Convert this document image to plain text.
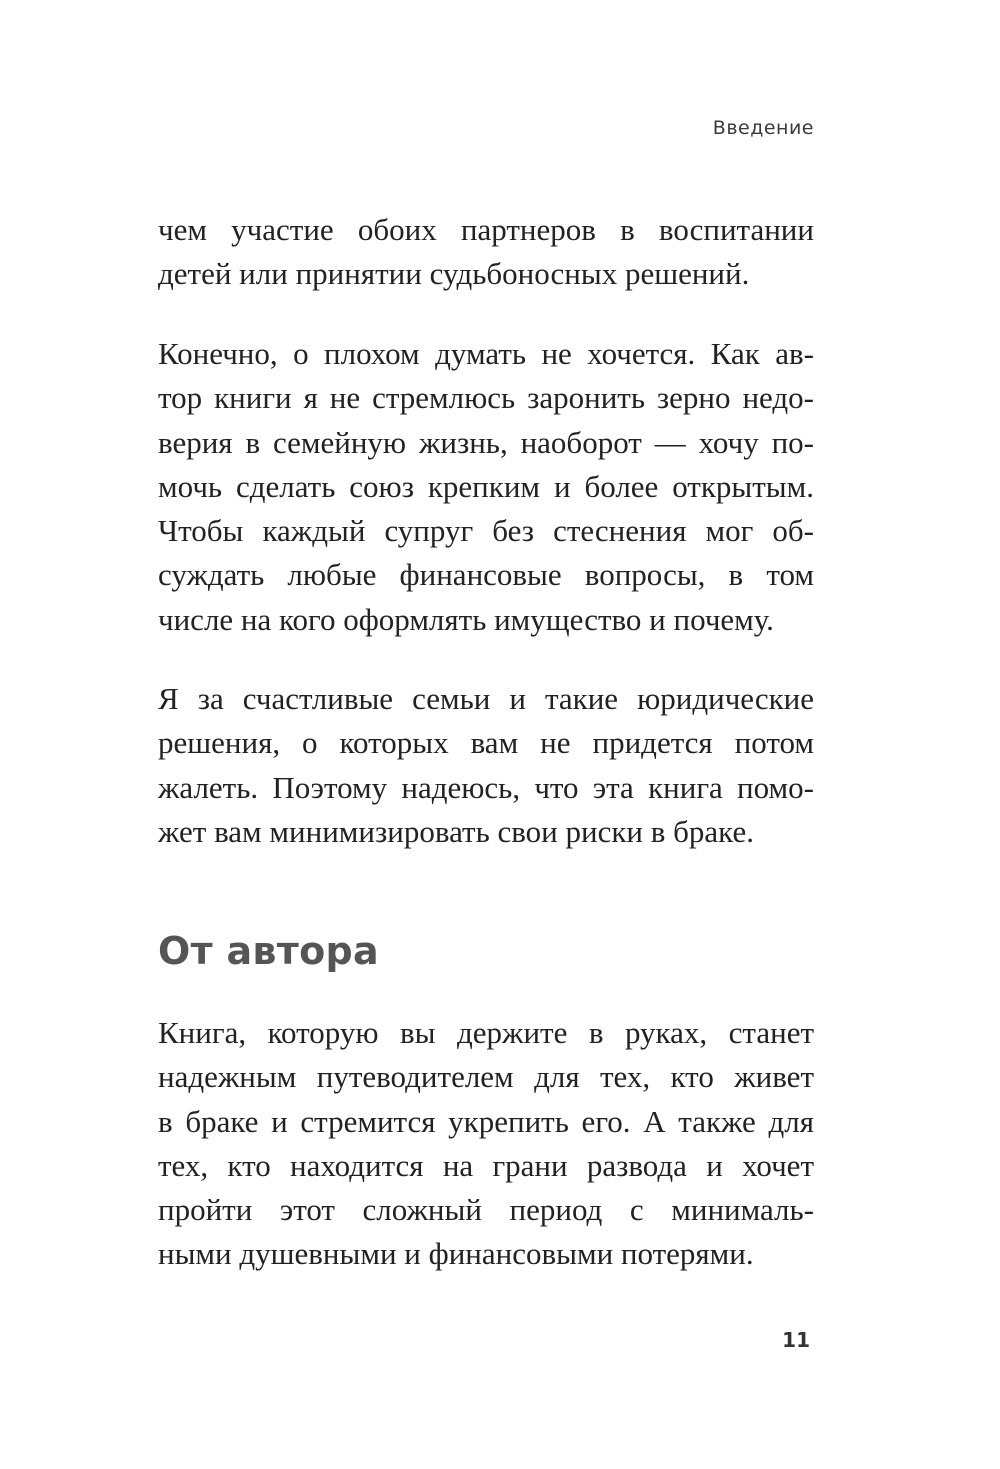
Введение
чем участие обоих партнеров в воспитании
детей или принятии судьбоносных решений.
Конечно, о плохом думать не хочется. Как ав-
тор книги я не стремлюсь заронить зерно недо-
верия в семейную жизнь, наоборот — хочу по-
мочь сделать союз крепким и более открытым.
Чтобы каждый супруг без стеснения мог об-
суждать любые финансовые вопросы, в том
числе на кого оформлять имущество и почему.
Я за счастливые семьи и такие юридические
решения, о которых вам не придется потом
жалеть. Поэтому надеюсь, что эта книга помо-
жет вам минимизировать свои риски в браке.
От автора
Книга, которую вы держите в руках, станет
надежным путеводителем для тех, кто живет
в браке и стремится укрепить его. А также для
тех, кто находится на грани развода и хочет
пройти этот сложный период с минималь-
ными душевными и финансовыми потерями.
11
